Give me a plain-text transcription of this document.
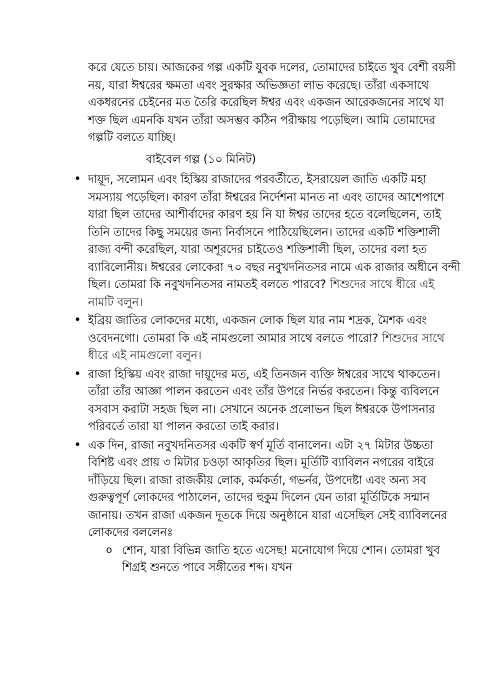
করে যেতে চায়। আজকের গল্প একটি যুবক দলের, তোমাদের চাইতে খুব বেশী বয়সী নয়, যারা ঈশ্বরের ক্ষমতা এবং সুরক্ষার অভিজ্ঞতা লাভ করেছে। তাঁরা একসাথে একধরনের চেইনের মত তৈরি করেছিল ঈশ্বর এবং একজন আরেকজনের সাথে যা শক্ত ছিল এমনকি যখন তাঁরা অসম্ভব কঠিন পরীক্ষায় পড়েছিল। আমি তোমাদের গল্পটি বলতে যাচ্ছি।

বাইবেল গল্প (১০ মিনিট)

• দায়ূদ, সলোমন এবং হিস্কিয় রাজাদের পরবর্তীতে, ইসরায়েল জাতি একটি মহা সমস্যায় পড়েছিল। কারণ তাঁরা ঈশ্বরের নির্দেশনা মানত না এবং তাদের আশেপাশে যারা ছিল তাদের আশীর্বাদের কারণ হয় নি যা ঈশ্বর তাদের হতে বলেছিলেন, তাই তিনি তাদের কিছু সময়ের জন্য নির্বাসনে পাঠিয়েছিলেন। তাদের একটি শক্তিশালী রাজ্য বন্দী করেছিল, যারা অশূরদের চাইতেও শক্তিশালী ছিল, তাদের বলা হত ব্যাবিলোনীয়। ঈশ্বরের লোকেরা ৭০ বছর নবুখদনিতসর নামে এক রাজার অধীনে বন্দী ছিল। তোমরা কি নবুখদনিতসর নামতই বলতে পারবে? শিশুদের সাথে ধীরে এই নামটি বলুন।
• ইব্রিয় জাতির লোকদের মধ্যে, একজন লোক ছিল যার নাম শদ্রক, মৈশক এবং ওবেদনগো। তোমরা কি এই নামগুলো আমার সাথে বলতে পারো? শিশুদের সাথে ধীরে এই নামগুলো বলুন।
• রাজা হিস্কিয় এবং রাজা দায়ূদের মত, এই তিনজন ব্যক্তি ঈশ্বরের সাথে থাকতেন। তাঁরা তাঁর আজ্ঞা পালন করতেন এবং তাঁর উপরে নির্ভর করতেন। কিন্তু ব্যবিলনে বসবাস করাটা সহজ ছিল না। সেখানে অনেক প্রলোভন ছিল ঈশ্বরকে উপাসনার পরিবর্তে তারা যা পালন করতো তাই করার।
• এক দিন, রাজা নবুখদনিতসর একটি স্বর্ণ মূর্তি বানালেন। এটা ২৭ মিটার উচ্চতা বিশিষ্ট এবং প্রায় ৩ মিটার চওড়া আকৃতির ছিল। মূর্তিটি ব্যাবিলন নগরের বাইরে দাঁড়িয়ে ছিল। রাজা রাজকীয় লোক, কর্মকর্তা, গভর্নর, উপদেষ্টা এবং অন্য সব গুরুত্বপূর্ণ লোকদের পাঠালেন, তাদের হুকুম দিলেন যেন তারা মূর্তিটিকে সন্মান জানায়। তখন রাজা একজন দূতকে দিয়ে অনুষ্ঠানে যারা এসেছিল সেই ব্যাবিলনের লোকদের বললেনঃ
o শোন, যারা বিভিন্ন জাতি হতে এসেছ! মনোযোগ দিয়ে শোন। তোমরা খুব শিগ্রই শুনতে পাবে সঙ্গীতের শব্দ। যখন
